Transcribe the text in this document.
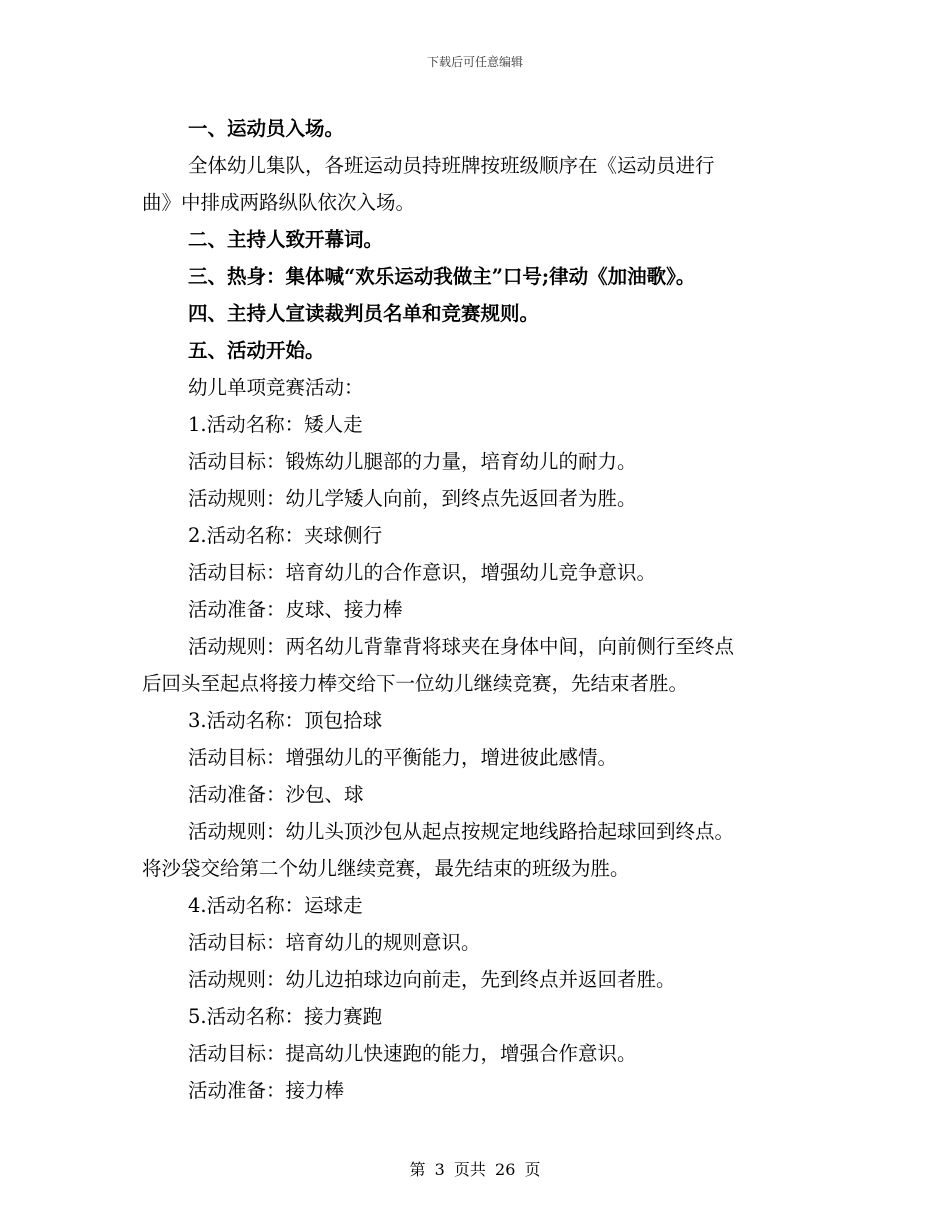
下载后可任意编辑

一、运动员入场。

全体幼儿集队，各班运动员持班牌按班级顺序在《运动员进行

曲》中排成两路纵队依次入场。

二、主持人致开幕词。

三、热身：集体喊“欢乐运动我做主”口号;律动《加油歌》。

四、主持人宣读裁判员名单和竞赛规则。

五、活动开始。

幼儿单项竞赛活动：

1.活动名称：矮人走

活动目标：锻炼幼儿腿部的力量，培育幼儿的耐力。

活动规则：幼儿学矮人向前，到终点先返回者为胜。

2.活动名称：夹球侧行

活动目标：培育幼儿的合作意识，增强幼儿竞争意识。

活动准备：皮球、接力棒

活动规则：两名幼儿背靠背将球夹在身体中间，向前侧行至终点

后回头至起点将接力棒交给下一位幼儿继续竞赛，先结束者胜。

3.活动名称：顶包拾球

活动目标：增强幼儿的平衡能力，增进彼此感情。

活动准备：沙包、球

活动规则：幼儿头顶沙包从起点按规定地线路拾起球回到终点。

将沙袋交给第二个幼儿继续竞赛，最先结束的班级为胜。

4.活动名称：运球走

活动目标：培育幼儿的规则意识。

活动规则：幼儿边拍球边向前走，先到终点并返回者胜。

5.活动名称：接力赛跑

活动目标：提高幼儿快速跑的能力，增强合作意识。

活动准备：接力棒

第 3 页共 26 页
